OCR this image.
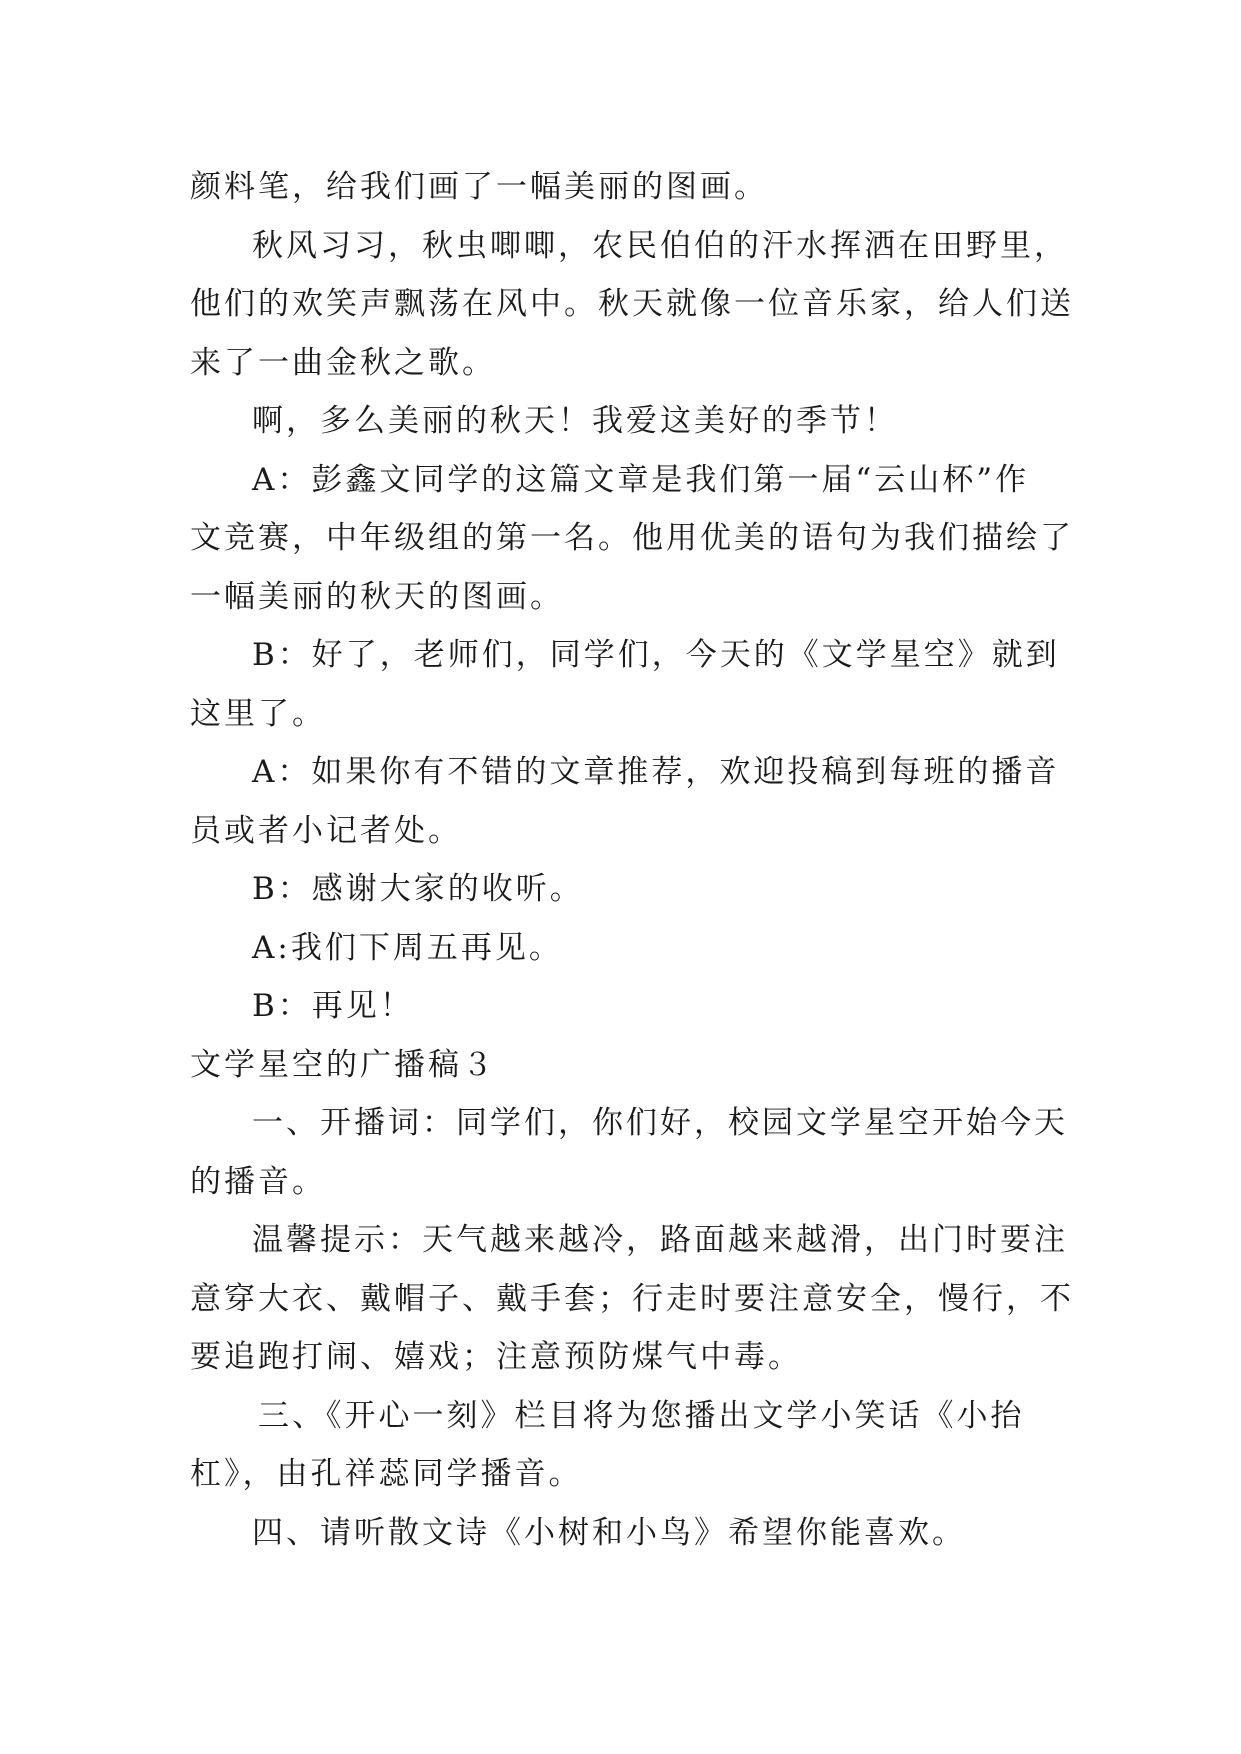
颜料笔，给我们画了一幅美丽的图画。
秋风习习，秋虫唧唧，农民伯伯的汗水挥洒在田野里，
他们的欢笑声飘荡在风中。秋天就像一位音乐家，给人们送
来了一曲金秋之歌。
啊，多么美丽的秋天！我爱这美好的季节！
A：彭鑫文同学的这篇文章是我们第一届“云山杯”作
文竞赛，中年级组的第一名。他用优美的语句为我们描绘了
一幅美丽的秋天的图画。
B：好了，老师们，同学们，今天的《文学星空》就到
这里了。
A：如果你有不错的文章推荐，欢迎投稿到每班的播音
员或者小记者处。
B：感谢大家的收听。
A:我们下周五再见。
B：再见！
文学星空的广播稿３
一、开播词：同学们，你们好，校园文学星空开始今天
的播音。
温馨提示：天气越来越冷，路面越来越滑，出门时要注
意穿大衣、戴帽子、戴手套；行走时要注意安全，慢行，不
要追跑打闹、嬉戏；注意预防煤气中毒。
三、《开心一刻》栏目将为您播出文学小笑话《小抬
杠》，由孔祥蕊同学播音。
四、请听散文诗《小树和小鸟》希望你能喜欢。
